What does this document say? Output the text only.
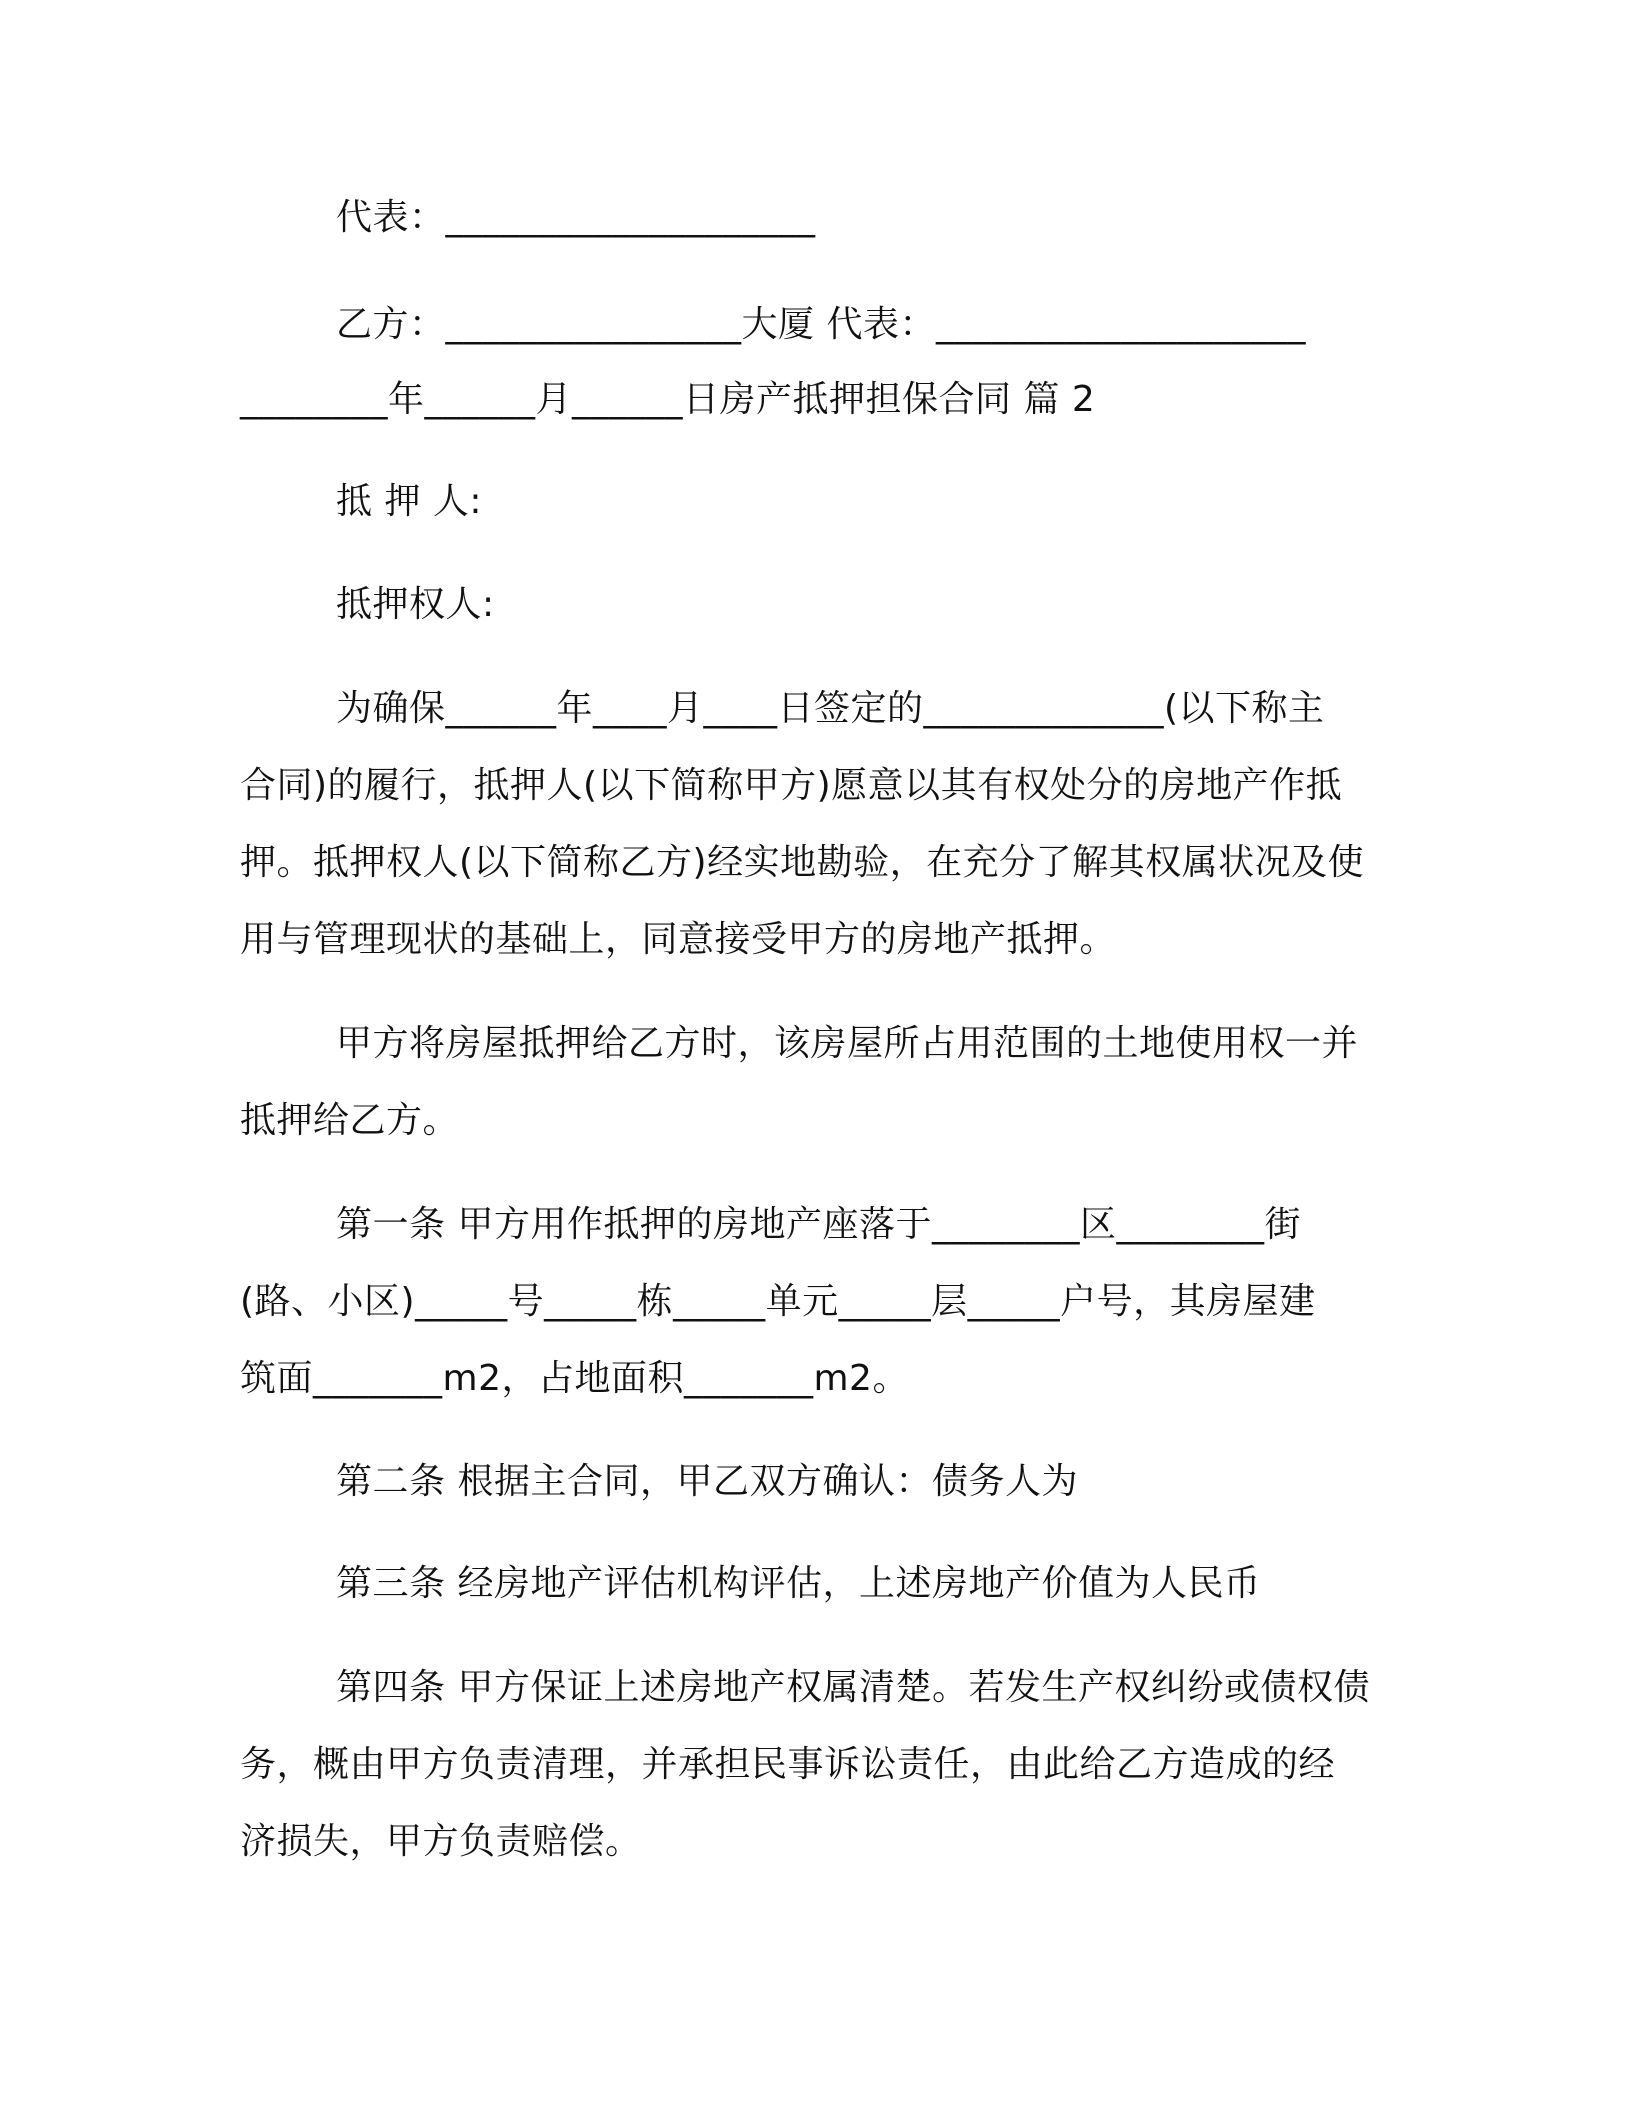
代表：____________________
乙方：________________大厦 代表：____________________
________年______月______日房产抵押担保合同 篇 2
抵 押 人:
抵押权人:
为确保______年____月____日签定的_____________(以下称主
合同)的履行，抵押人(以下简称甲方)愿意以其有权处分的房地产作抵
押。抵押权人(以下简称乙方)经实地勘验，在充分了解其权属状况及使
用与管理现状的基础上，同意接受甲方的房地产抵押。
甲方将房屋抵押给乙方时，该房屋所占用范围的土地使用权一并
抵押给乙方。
第一条 甲方用作抵押的房地产座落于________区________街
(路、小区)_____号_____栋_____单元_____层_____户号，其房屋建
筑面_______m2，占地面积_______m2。
第二条 根据主合同，甲乙双方确认：债务人为
第三条 经房地产评估机构评估，上述房地产价值为人民币
第四条 甲方保证上述房地产权属清楚。若发生产权纠纷或债权债
务，概由甲方负责清理，并承担民事诉讼责任，由此给乙方造成的经
济损失，甲方负责赔偿。
